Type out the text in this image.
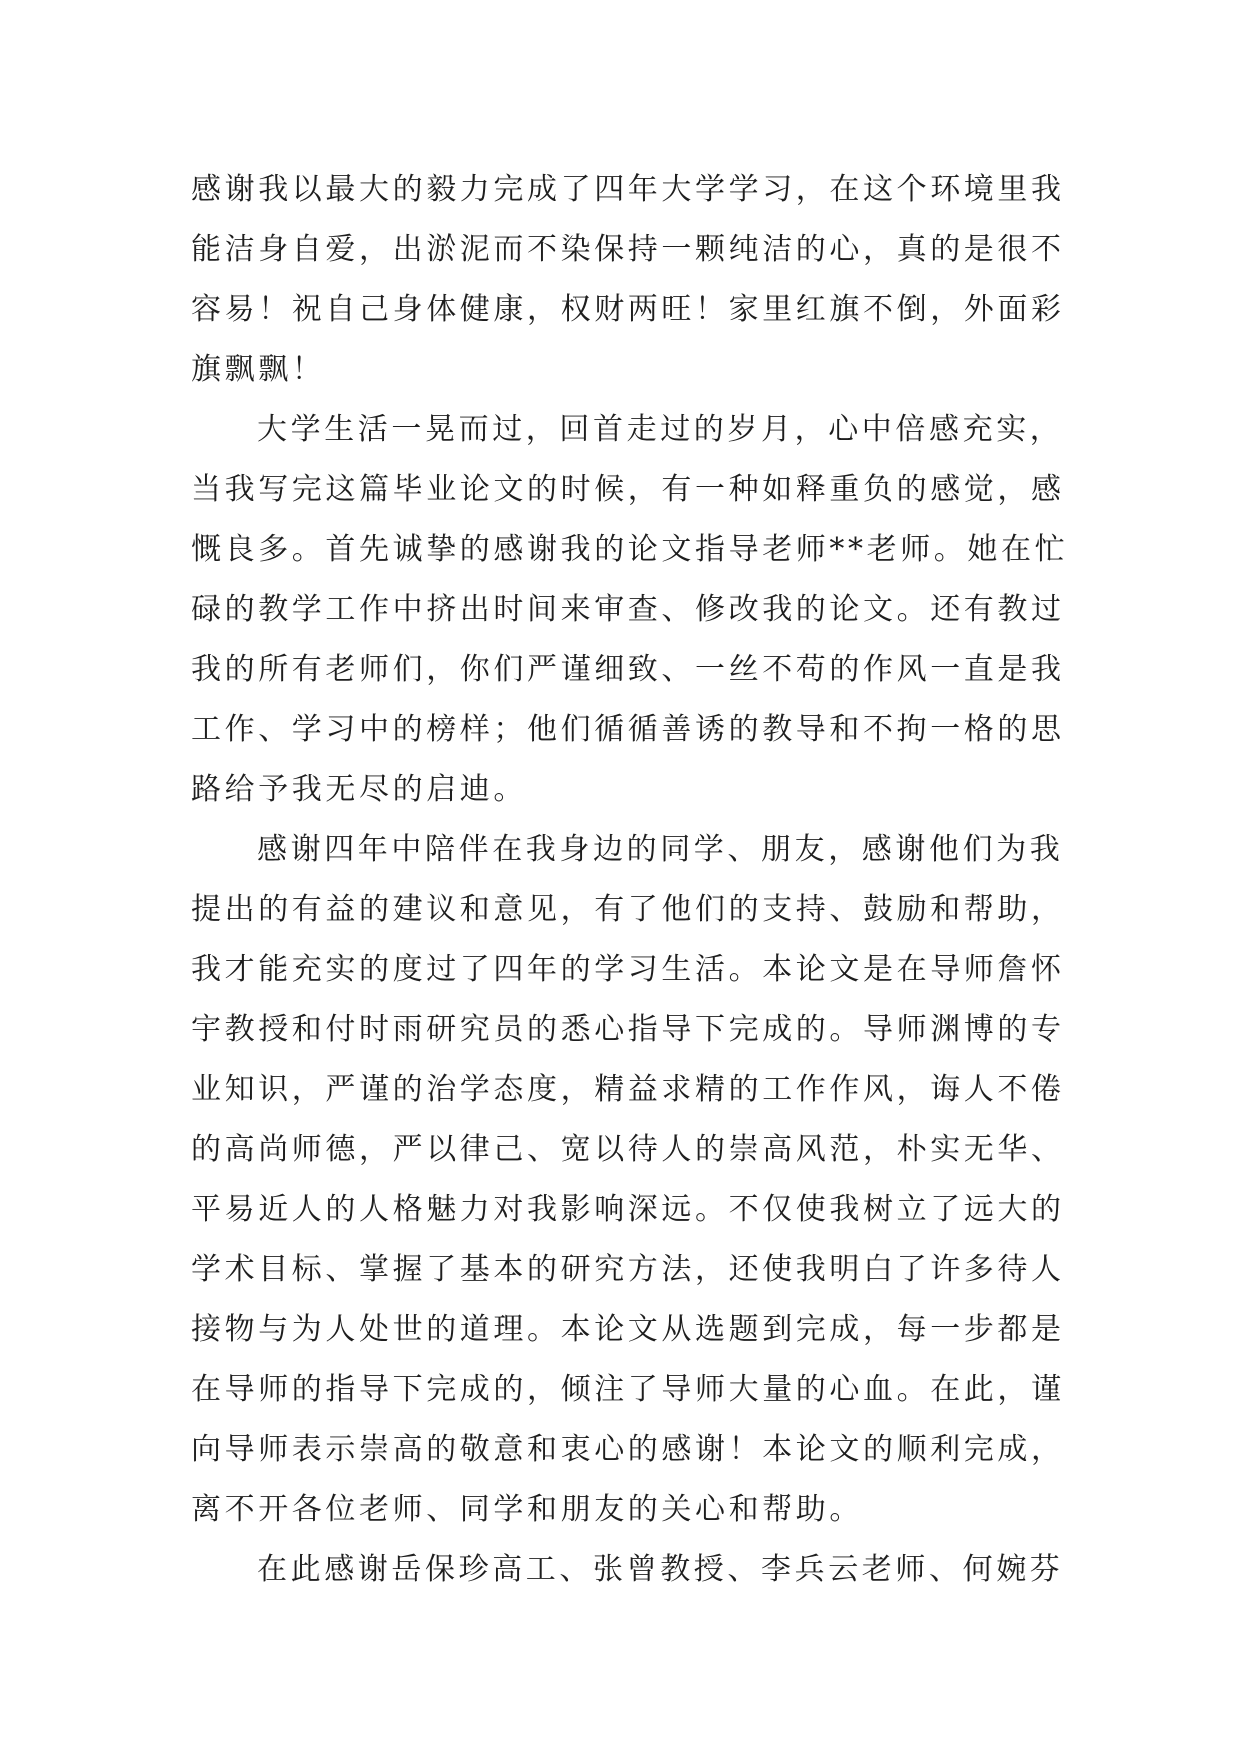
感谢我以最大的毅力完成了四年大学学习，在这个环境里我
能洁身自爱，出淤泥而不染保持一颗纯洁的心，真的是很不
容易！祝自己身体健康，权财两旺！家里红旗不倒，外面彩
旗飘飘！
大学生活一晃而过，回首走过的岁月，心中倍感充实，
当我写完这篇毕业论文的时候，有一种如释重负的感觉，感
慨良多。首先诚挚的感谢我的论文指导老师**老师。她在忙
碌的教学工作中挤出时间来审查、修改我的论文。还有教过
我的所有老师们，你们严谨细致、一丝不苟的作风一直是我
工作、学习中的榜样；他们循循善诱的教导和不拘一格的思
路给予我无尽的启迪。
感谢四年中陪伴在我身边的同学、朋友，感谢他们为我
提出的有益的建议和意见，有了他们的支持、鼓励和帮助，
我才能充实的度过了四年的学习生活。本论文是在导师詹怀
宇教授和付时雨研究员的悉心指导下完成的。导师渊博的专
业知识，严谨的治学态度，精益求精的工作作风，诲人不倦
的高尚师德，严以律己、宽以待人的崇高风范，朴实无华、
平易近人的人格魅力对我影响深远。不仅使我树立了远大的
学术目标、掌握了基本的研究方法，还使我明白了许多待人
接物与为人处世的道理。本论文从选题到完成，每一步都是
在导师的指导下完成的，倾注了导师大量的心血。在此，谨
向导师表示崇高的敬意和衷心的感谢！本论文的顺利完成，
离不开各位老师、同学和朋友的关心和帮助。
在此感谢岳保珍高工、张曾教授、李兵云老师、何婉芬
